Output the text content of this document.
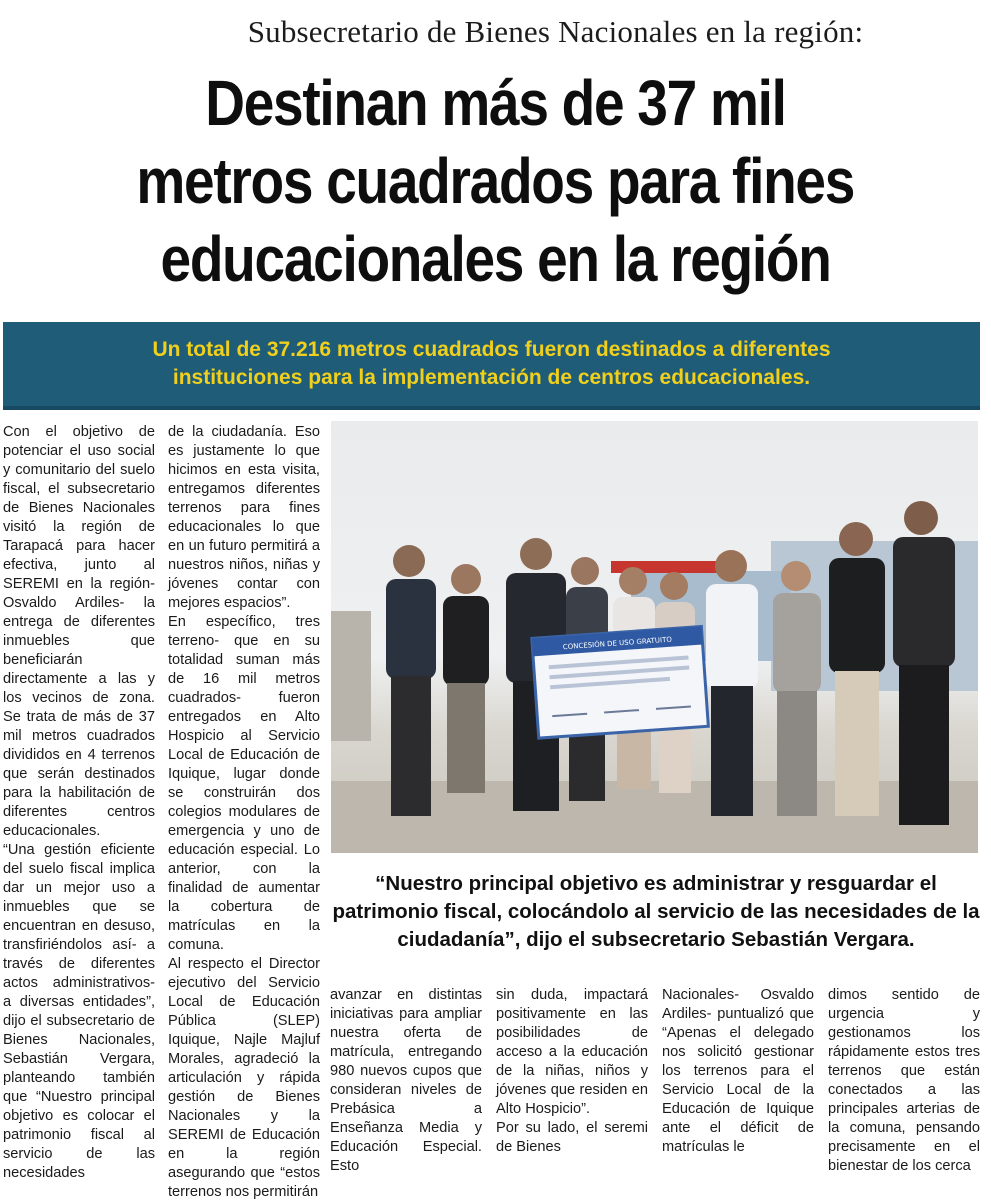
Subsecretario de Bienes Nacionales en la región:
Destinan más de 37 mil
metros cuadrados para fines
educacionales en la región
Un total de 37.216 metros cuadrados fueron destinados a diferentes
instituciones para la implementación de centros educacionales.

Con el objetivo de potenciar el uso social y comunitario del suelo fiscal, el subsecretario de Bienes Nacionales visitó la región de Tarapacá para hacer efectiva, junto al SEREMI en la región- Osvaldo Ardiles- la entrega de diferentes inmuebles que beneficiarán directamente a las y los vecinos de zona. Se trata de más de 37 mil metros cuadrados divididos en 4 terrenos que serán destinados para la habilitación de diferentes centros educacionales.

“Una gestión eficiente del suelo fiscal implica dar un mejor uso a inmuebles que se encuentran en desuso, transfiriéndolos así- a través de diferentes actos administrativos- a diversas entidades”, dijo el subsecretario de Bienes Nacionales, Sebastián Vergara, planteando también que “Nuestro principal objetivo es colocar el patrimonio fiscal al servicio de las necesidades

de la ciudadanía. Eso es justamente lo que hicimos en esta visita, entregamos diferentes terrenos para fines educacionales lo que en un futuro permitirá a nuestros niños, niñas y jóvenes contar con mejores espacios”.

En específico, tres terreno- que en su totalidad suman más de 16 mil metros cuadrados- fueron entregados en Alto Hospicio al Servicio Local de Educación de Iquique, lugar donde se construirán dos colegios modulares de emergencia y uno de educación especial. Lo anterior, con la finalidad de aumentar la cobertura de matrículas en la comuna.

Al respecto el Director ejecutivo del Servicio Local de Educación Pública (SLEP) Iquique, Najle Majluf Morales, agradeció la articulación y rápida gestión de Bienes Nacionales y la SEREMI de Educación en la región asegurando que “estos terrenos nos permitirán

CONCESIÓN DE USO GRATUITO
“Nuestro principal objetivo es administrar y resguardar el patrimonio fiscal, colocándolo al servicio de las necesidades de la ciudadanía”, dijo el subsecretario Sebastián Vergara.

avanzar en distintas iniciativas para ampliar nuestra oferta de matrícula, entregando 980 nuevos cupos que consideran niveles de Prebásica a Enseñanza Media y Educación Especial. Esto

sin duda, impactará positivamente en las posibilidades de acceso a la educación de la niñas, niños y jóvenes que residen en Alto Hospicio”.

Por su lado, el seremi de Bienes

Nacionales- Osvaldo Ardiles- puntualizó que “Apenas el delegado nos solicitó gestionar los terrenos para el Servicio Local de la Educación de Iquique ante el déficit de matrículas le

dimos sentido de urgencia y gestionamos los rápidamente estos tres terrenos que están conectados a las principales arterias de la comuna, pensando precisamente en el bienestar de los cerca
